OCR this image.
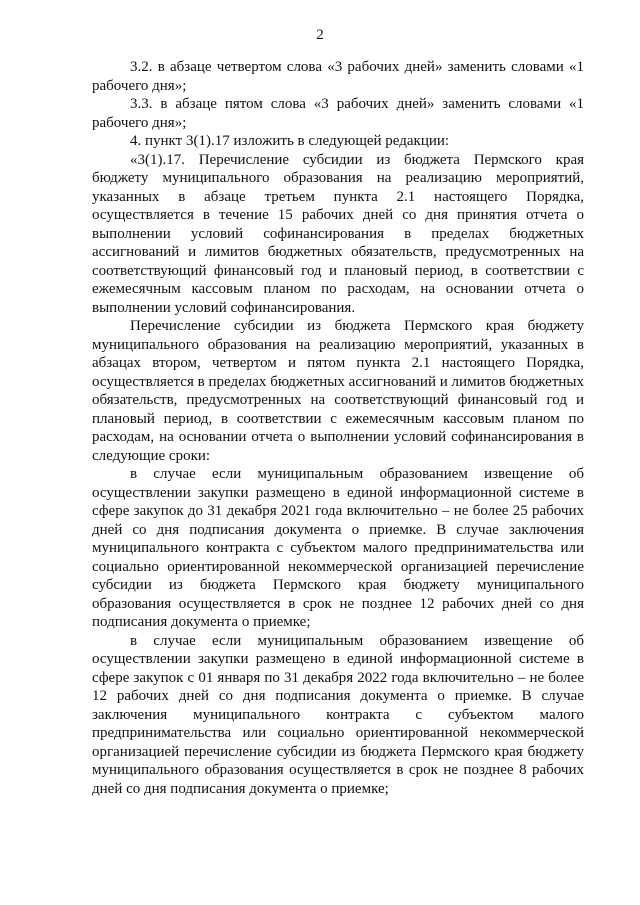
2

3.2. в абзаце четвертом слова «3 рабочих дней» заменить словами «1 рабочего дня»;

3.3. в абзаце пятом слова «3 рабочих дней» заменить словами «1 рабочего дня»;

4. пункт 3(1).17 изложить в следующей редакции:

«3(1).17. Перечисление субсидии из бюджета Пермского края бюджету муниципального образования на реализацию мероприятий, указанных в абзаце третьем пункта 2.1 настоящего Порядка, осуществляется в течение 15 рабочих дней со дня принятия отчета о выполнении условий софинансирования в пределах бюджетных ассигнований и лимитов бюджетных обязательств, предусмотренных на соответствующий финансовый год и плановый период, в соответствии с ежемесячным кассовым планом по расходам, на основании отчета о выполнении условий софинансирования.

Перечисление субсидии из бюджета Пермского края бюджету муниципального образования на реализацию мероприятий, указанных в абзацах втором, четвертом и пятом пункта 2.1 настоящего Порядка, осуществляется в пределах бюджетных ассигнований и лимитов бюджетных обязательств, предусмотренных на соответствующий финансовый год и плановый период, в соответствии с ежемесячным кассовым планом по расходам, на основании отчета о выполнении условий софинансирования в следующие сроки:

в случае если муниципальным образованием извещение об осуществлении закупки размещено в единой информационной системе в сфере закупок до 31 декабря 2021 года включительно – не более 25 рабочих дней со дня подписания документа о приемке. В случае заключения муниципального контракта с субъектом малого предпринимательства или социально ориентированной некоммерческой организацией перечисление субсидии из бюджета Пермского края бюджету муниципального образования осуществляется в срок не позднее 12 рабочих дней со дня подписания документа о приемке;

в случае если муниципальным образованием извещение об осуществлении закупки размещено в единой информационной системе в сфере закупок с 01 января по 31 декабря 2022 года включительно – не более 12 рабочих дней со дня подписания документа о приемке. В случае заключения муниципального контракта с субъектом малого предпринимательства или социально ориентированной некоммерческой организацией перечисление субсидии из бюджета Пермского края бюджету муниципального образования осуществляется в срок не позднее 8 рабочих дней со дня подписания документа о приемке;
